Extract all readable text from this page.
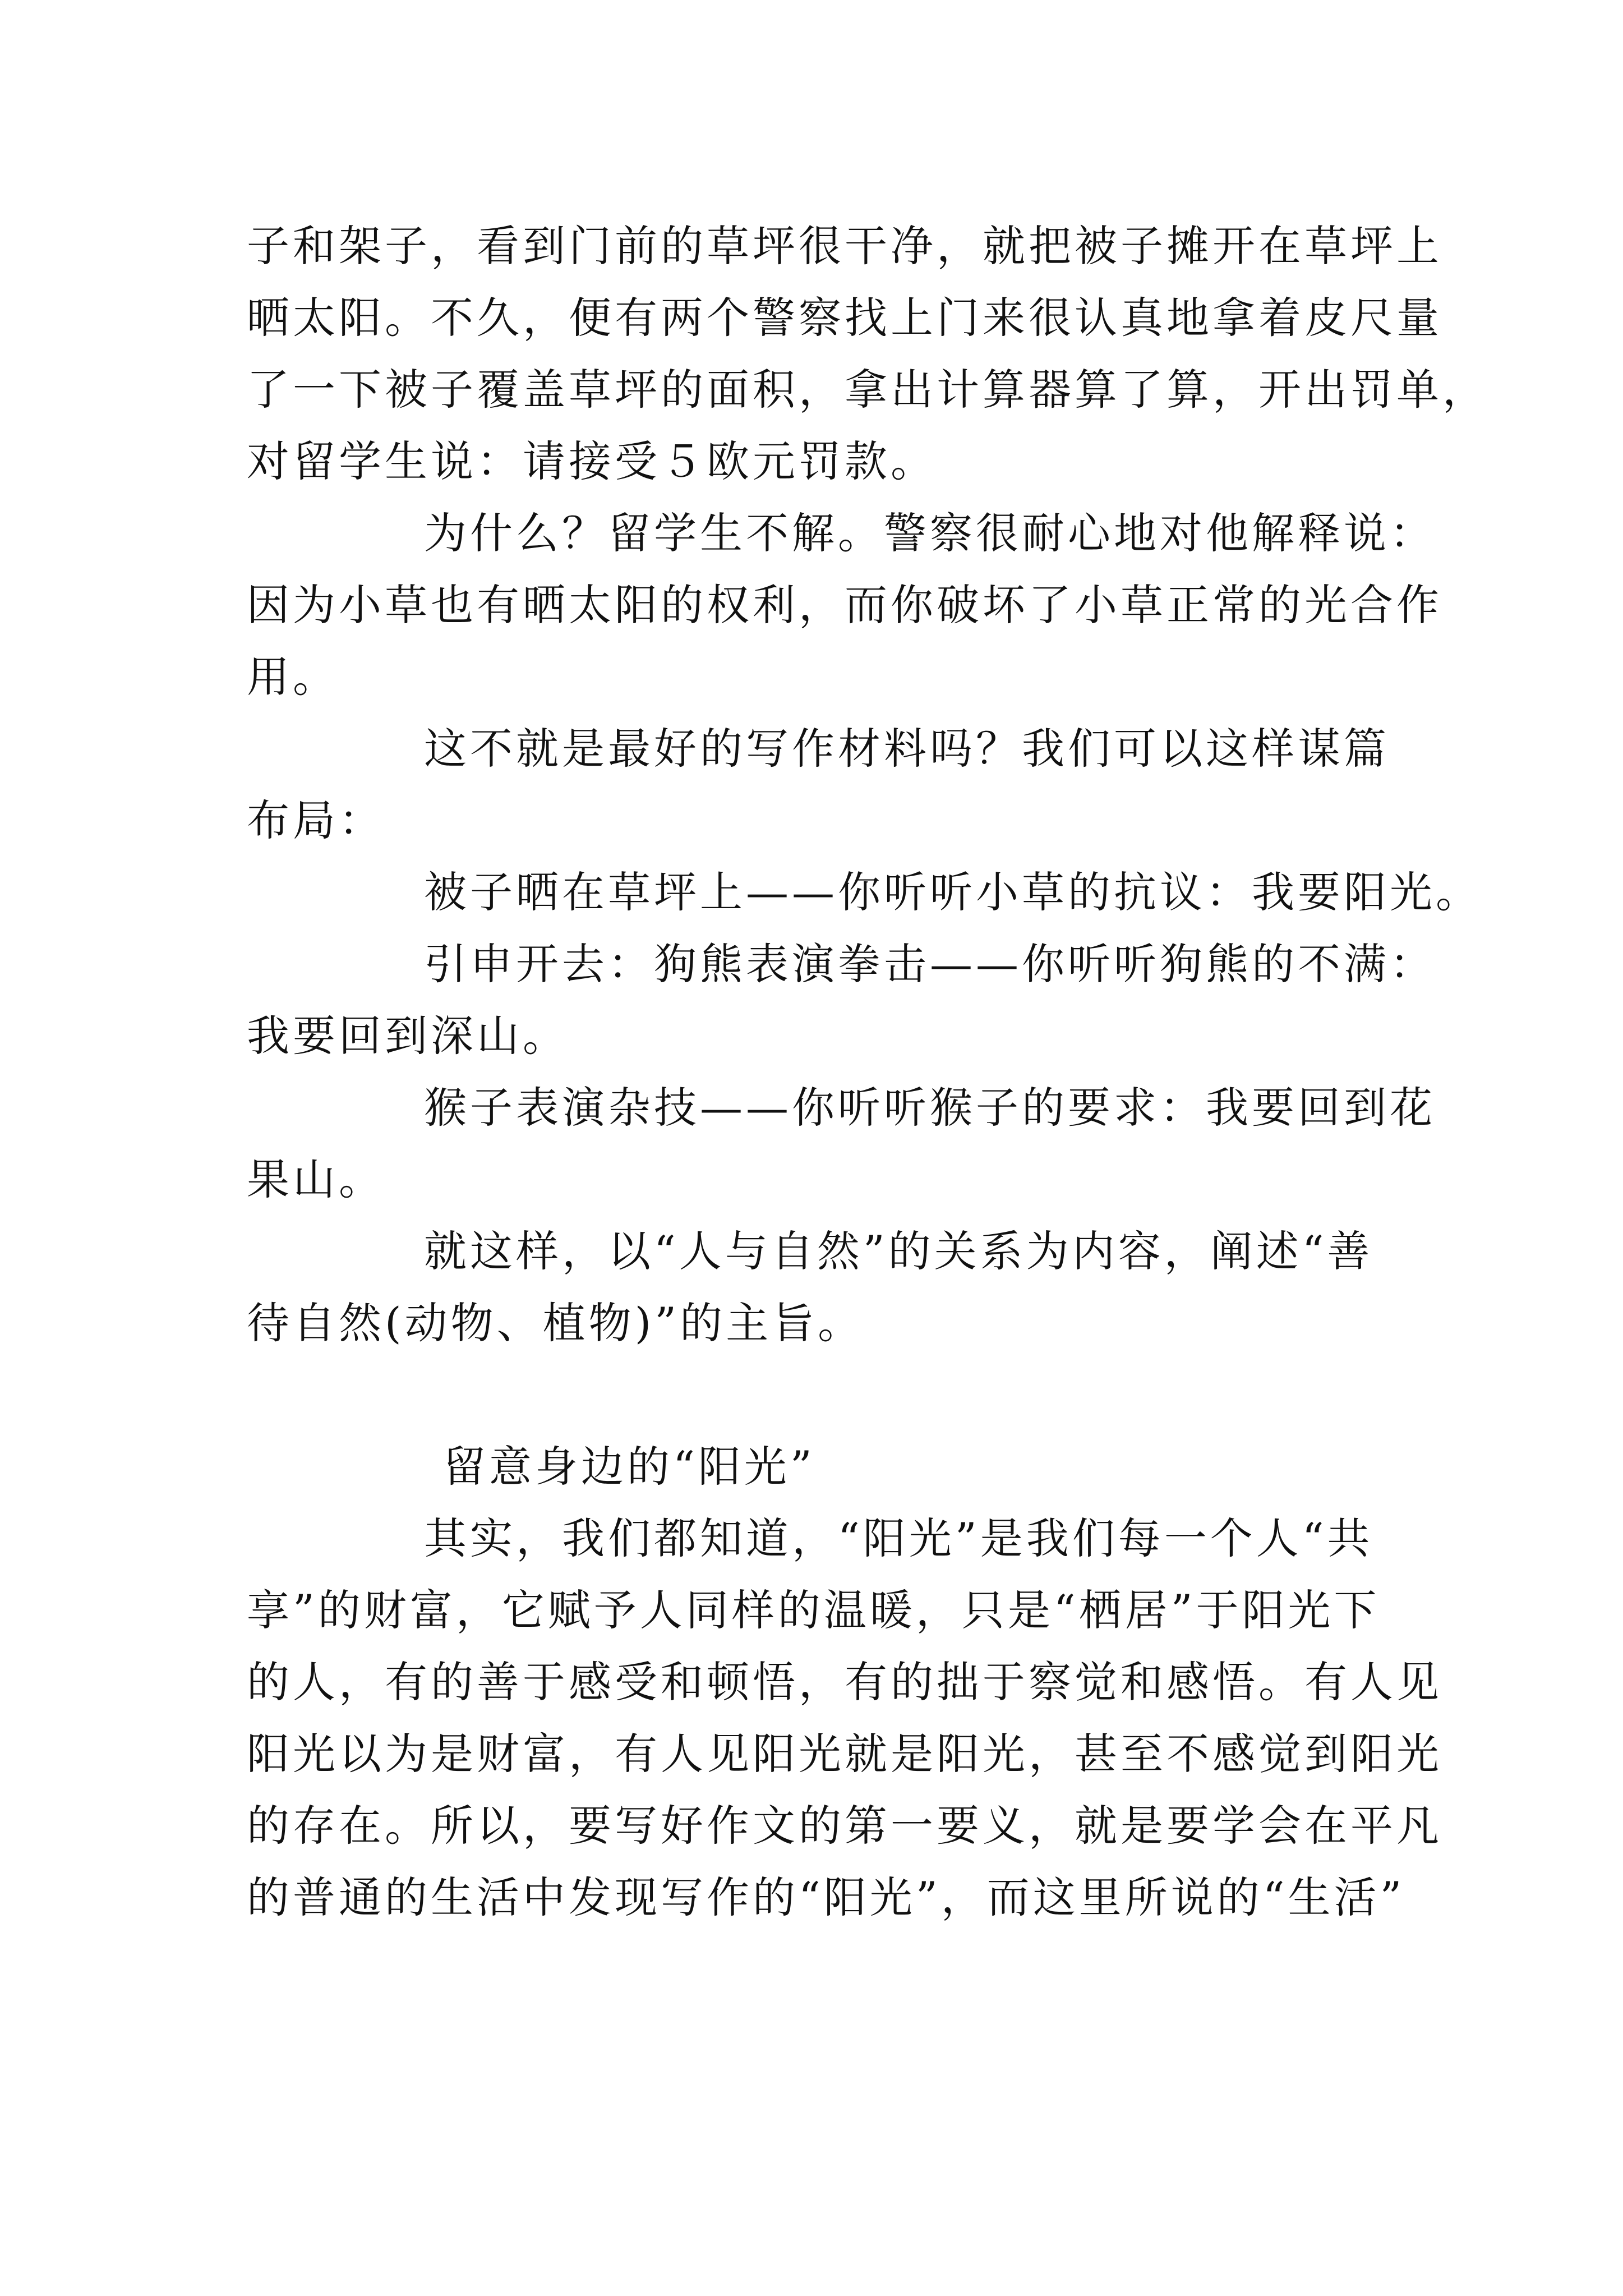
子和架子，看到门前的草坪很干净，就把被子摊开在草坪上

晒太阳。不久，便有两个警察找上门来很认真地拿着皮尺量

了一下被子覆盖草坪的面积，拿出计算器算了算，开出罚单，

对留学生说：请接受５欧元罚款。

为什么？留学生不解。警察很耐心地对他解释说：

因为小草也有晒太阳的权利，而你破坏了小草正常的光合作

用。

这不就是最好的写作材料吗？我们可以这样谋篇

布局：

被子晒在草坪上——你听听小草的抗议：我要阳光。

引申开去：狗熊表演拳击——你听听狗熊的不满：

我要回到深山。

猴子表演杂技——你听听猴子的要求：我要回到花

果山。

就这样，以“人与自然”的关系为内容，阐述“善

待自然(动物、植物)”的主旨。

留意身边的“阳光”

其实，我们都知道，“阳光”是我们每一个人“共

享”的财富，它赋予人同样的温暖，只是“栖居”于阳光下

的人，有的善于感受和顿悟，有的拙于察觉和感悟。有人见

阳光以为是财富，有人见阳光就是阳光，甚至不感觉到阳光

的存在。所以，要写好作文的第一要义，就是要学会在平凡

的普通的生活中发现写作的“阳光”，而这里所说的“生活”
